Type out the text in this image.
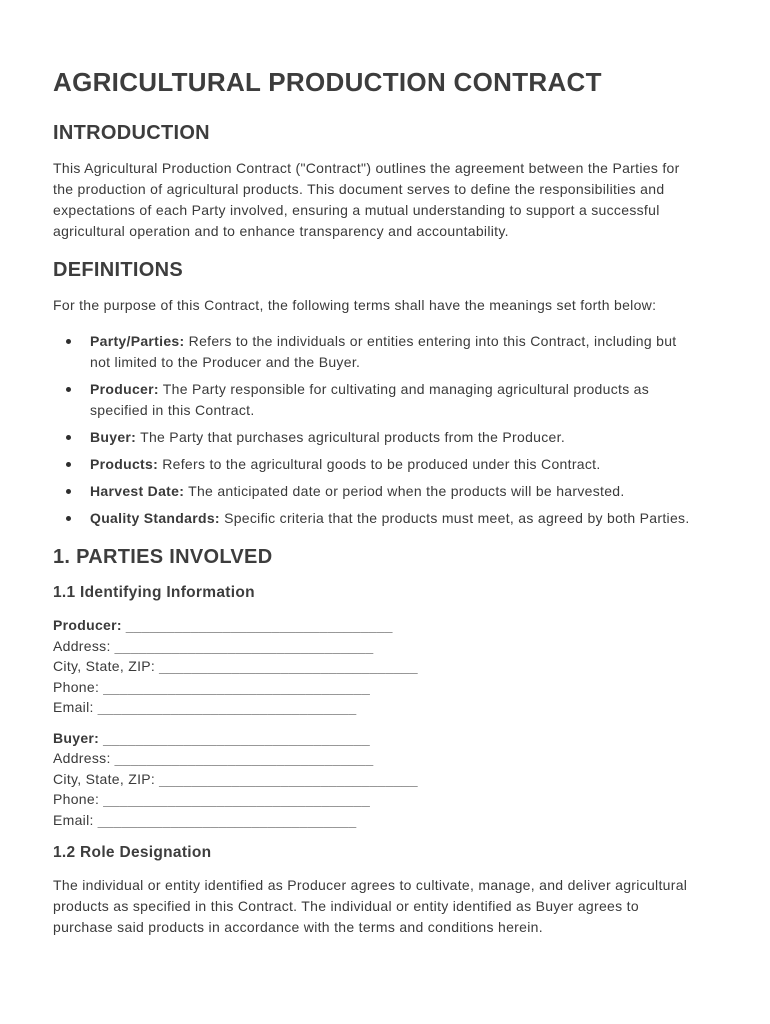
AGRICULTURAL PRODUCTION CONTRACT
INTRODUCTION

This Agricultural Production Contract ("Contract") outlines the agreement between the Parties for the production of agricultural products. This document serves to define the responsibilities and expectations of each Party involved, ensuring a mutual understanding to support a successful agricultural operation and to enhance transparency and accountability.

DEFINITIONS

For the purpose of this Contract, the following terms shall have the meanings set forth below:

Party/Parties: Refers to the individuals or entities entering into this Contract, including but not limited to the Producer and the Buyer.
Producer: The Party responsible for cultivating and managing agricultural products as specified in this Contract.
Buyer: The Party that purchases agricultural products from the Producer.
Products: Refers to the agricultural goods to be produced under this Contract.
Harvest Date: The anticipated date or period when the products will be harvested.
Quality Standards: Specific criteria that the products must meet, as agreed by both Parties.
1. PARTIES INVOLVED
1.1 Identifying Information
Producer: _________________________________
Address: ________________________________
City, State, ZIP: ________________________________
Phone: _________________________________
Email: ________________________________
Buyer: _________________________________
Address: ________________________________
City, State, ZIP: ________________________________
Phone: _________________________________
Email: ________________________________
1.2 Role Designation

The individual or entity identified as Producer agrees to cultivate, manage, and deliver agricultural products as specified in this Contract. The individual or entity identified as Buyer agrees to purchase said products in accordance with the terms and conditions herein.
